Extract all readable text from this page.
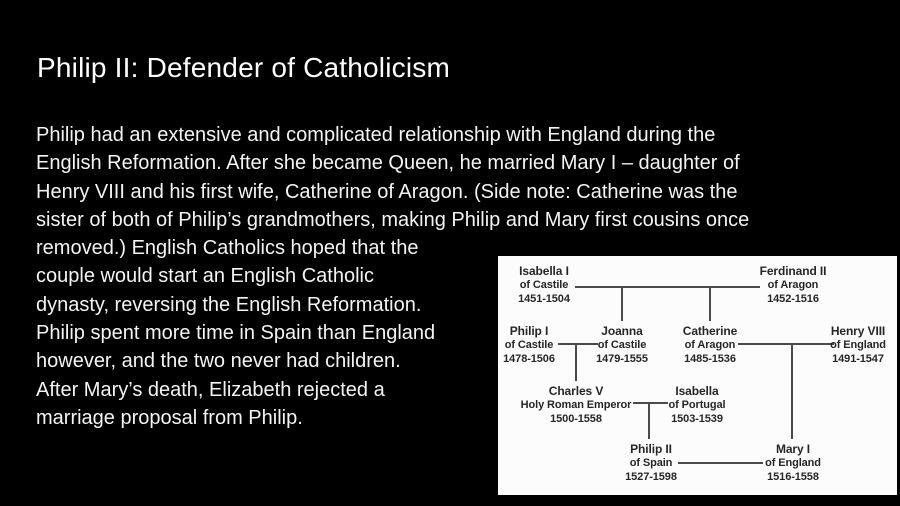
Philip II: Defender of Catholicism
Philip had an extensive and complicated relationship with England during the
English Reformation. After she became Queen, he married Mary I – daughter of
Henry VIII and his first wife, Catherine of Aragon. (Side note: Catherine was the
sister of both of Philip’s grandmothers, making Philip and Mary first cousins once
removed.) English Catholics hoped that the
couple would start an English Catholic
dynasty, reversing the English Reformation.
Philip spent more time in Spain than England
however, and the two never had children.
After Mary’s death, Elizabeth rejected a
marriage proposal from Philip.
Isabella I
of Castile
1451-1504
Ferdinand II
of Aragon
1452-1516
Philip I
of Castile
1478-1506
Joanna
of Castile
1479-1555
Catherine
of Aragon
1485-1536
Henry VIII
of England
1491-1547
Charles V
Holy Roman Emperor
1500-1558
Isabella
of Portugal
1503-1539
Philip II
of Spain
1527-1598
Mary I
of England
1516-1558
